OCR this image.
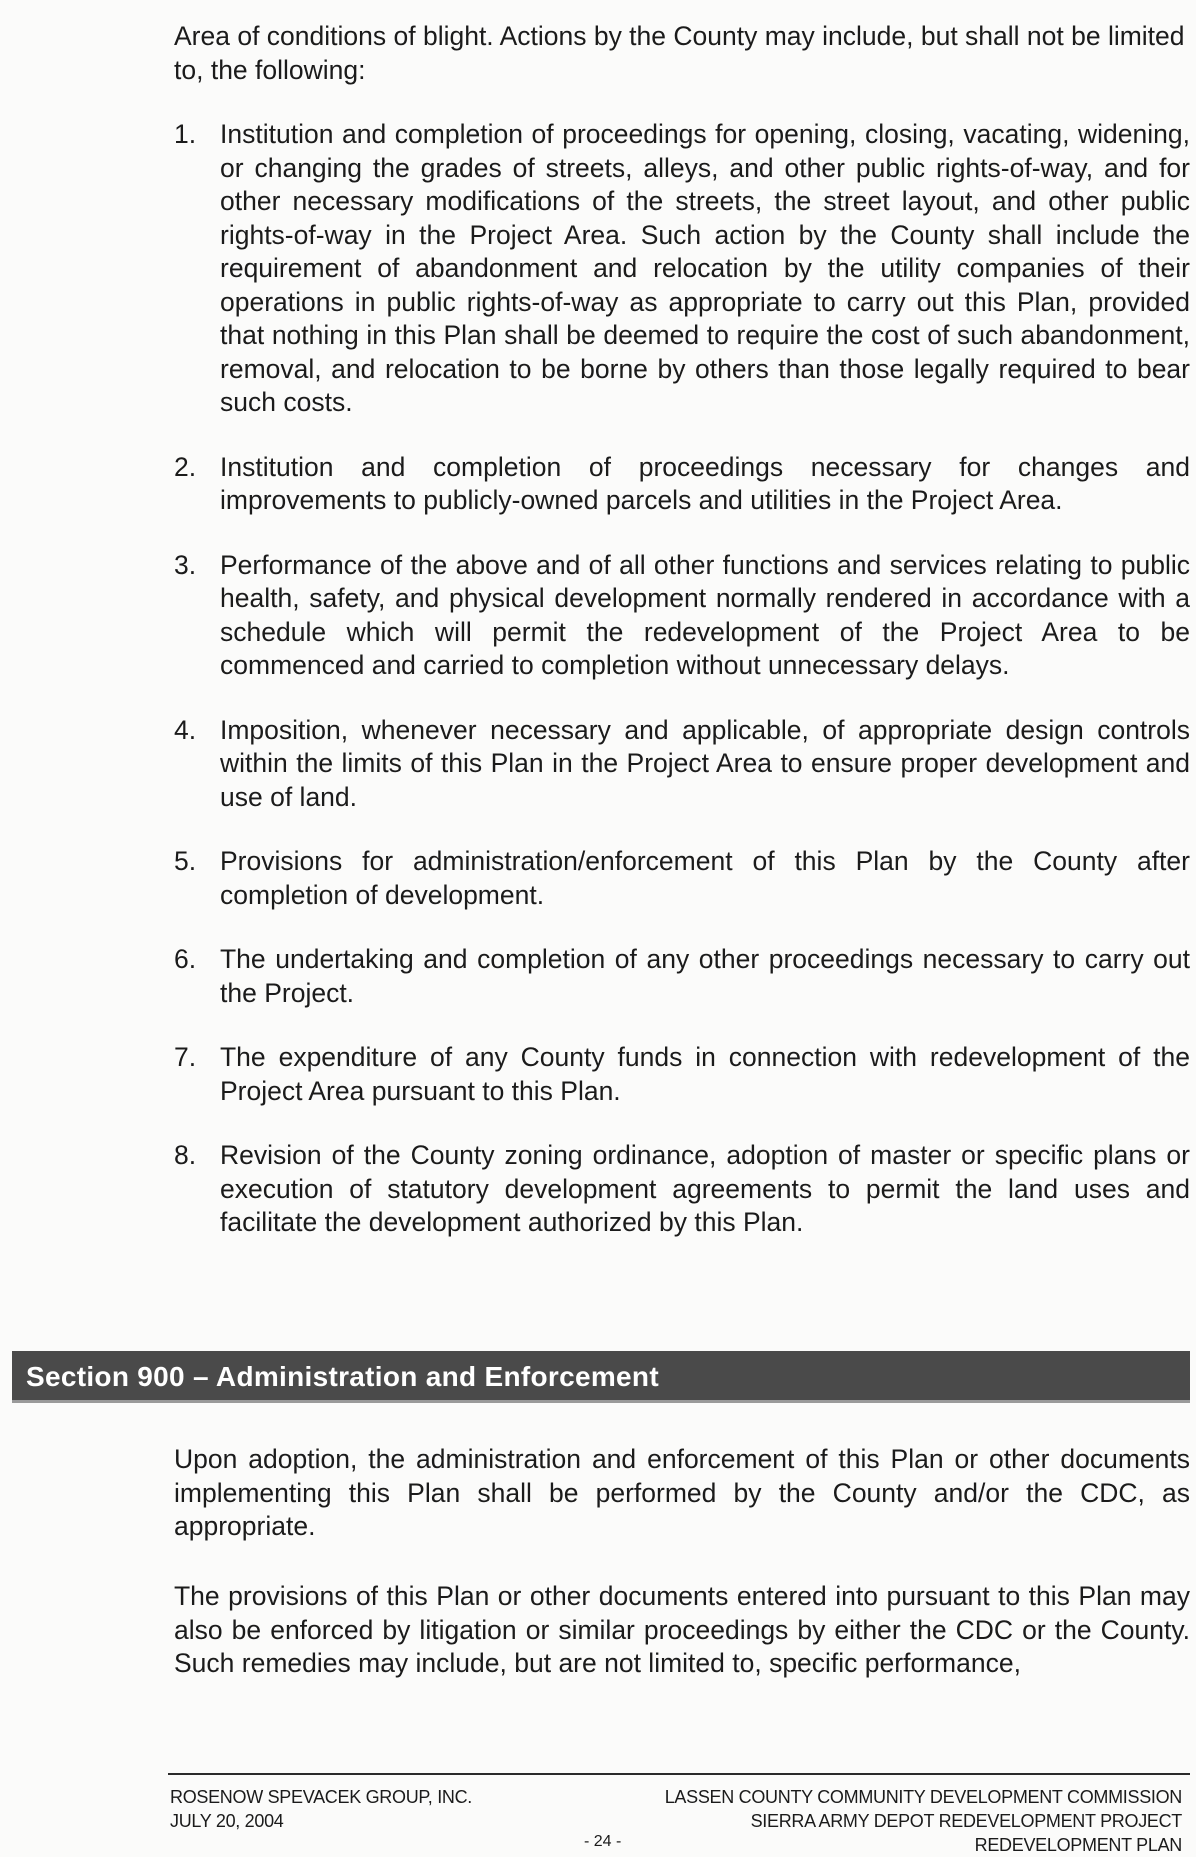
Area of conditions of blight. Actions by the County may include, but shall not be limited to, the following:
1. Institution and completion of proceedings for opening, closing, vacating, widening, or changing the grades of streets, alleys, and other public rights-of-way, and for other necessary modifications of the streets, the street layout, and other public rights-of-way in the Project Area. Such action by the County shall include the requirement of abandonment and relocation by the utility companies of their operations in public rights-of-way as appropriate to carry out this Plan, provided that nothing in this Plan shall be deemed to require the cost of such abandonment, removal, and relocation to be borne by others than those legally required to bear such costs.
2. Institution and completion of proceedings necessary for changes and improvements to publicly-owned parcels and utilities in the Project Area.
3. Performance of the above and of all other functions and services relating to public health, safety, and physical development normally rendered in accordance with a schedule which will permit the redevelopment of the Project Area to be commenced and carried to completion without unnecessary delays.
4. Imposition, whenever necessary and applicable, of appropriate design controls within the limits of this Plan in the Project Area to ensure proper development and use of land.
5. Provisions for administration/enforcement of this Plan by the County after completion of development.
6. The undertaking and completion of any other proceedings necessary to carry out the Project.
7. The expenditure of any County funds in connection with redevelopment of the Project Area pursuant to this Plan.
8. Revision of the County zoning ordinance, adoption of master or specific plans or execution of statutory development agreements to permit the land uses and facilitate the development authorized by this Plan.
Section 900 – Administration and Enforcement
Upon adoption, the administration and enforcement of this Plan or other documents implementing this Plan shall be performed by the County and/or the CDC, as appropriate.
The provisions of this Plan or other documents entered into pursuant to this Plan may also be enforced by litigation or similar proceedings by either the CDC or the County. Such remedies may include, but are not limited to, specific performance,
ROSENOW SPEVACEK GROUP, INC.
JULY 20, 2004
LASSEN COUNTY COMMUNITY DEVELOPMENT COMMISSION
SIERRA ARMY DEPOT REDEVELOPMENT PROJECT
REDEVELOPMENT PLAN
- 24 -
